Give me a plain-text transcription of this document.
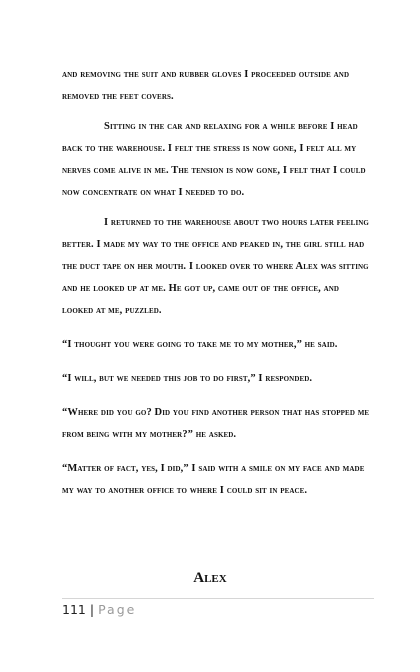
and removing the suit and rubber gloves I proceeded outside and removed the feet covers.

Sitting in the car and relaxing for a while before I head back to the warehouse. I felt the stress is now gone, I felt all my nerves come alive in me. The tension is now gone, I felt that I could now concentrate on what I needed to do.

I returned to the warehouse about two hours later feeling better. I made my way to the office and peaked in, the girl still had the duct tape on her mouth. I looked over to where Alex was sitting and he looked up at me. He got up, came out of the office, and looked at me, puzzled.

“I thought you were going to take me to my mother,” he said.

“I will, but we needed this job to do first,” I responded.

“Where did you go? Did you find another person that has stopped me from being with my mother?” he asked.

“Matter of fact, yes, I did,” I said with a smile on my face and made my way to another office to where I could sit in peace.

Alex
111 | Page
